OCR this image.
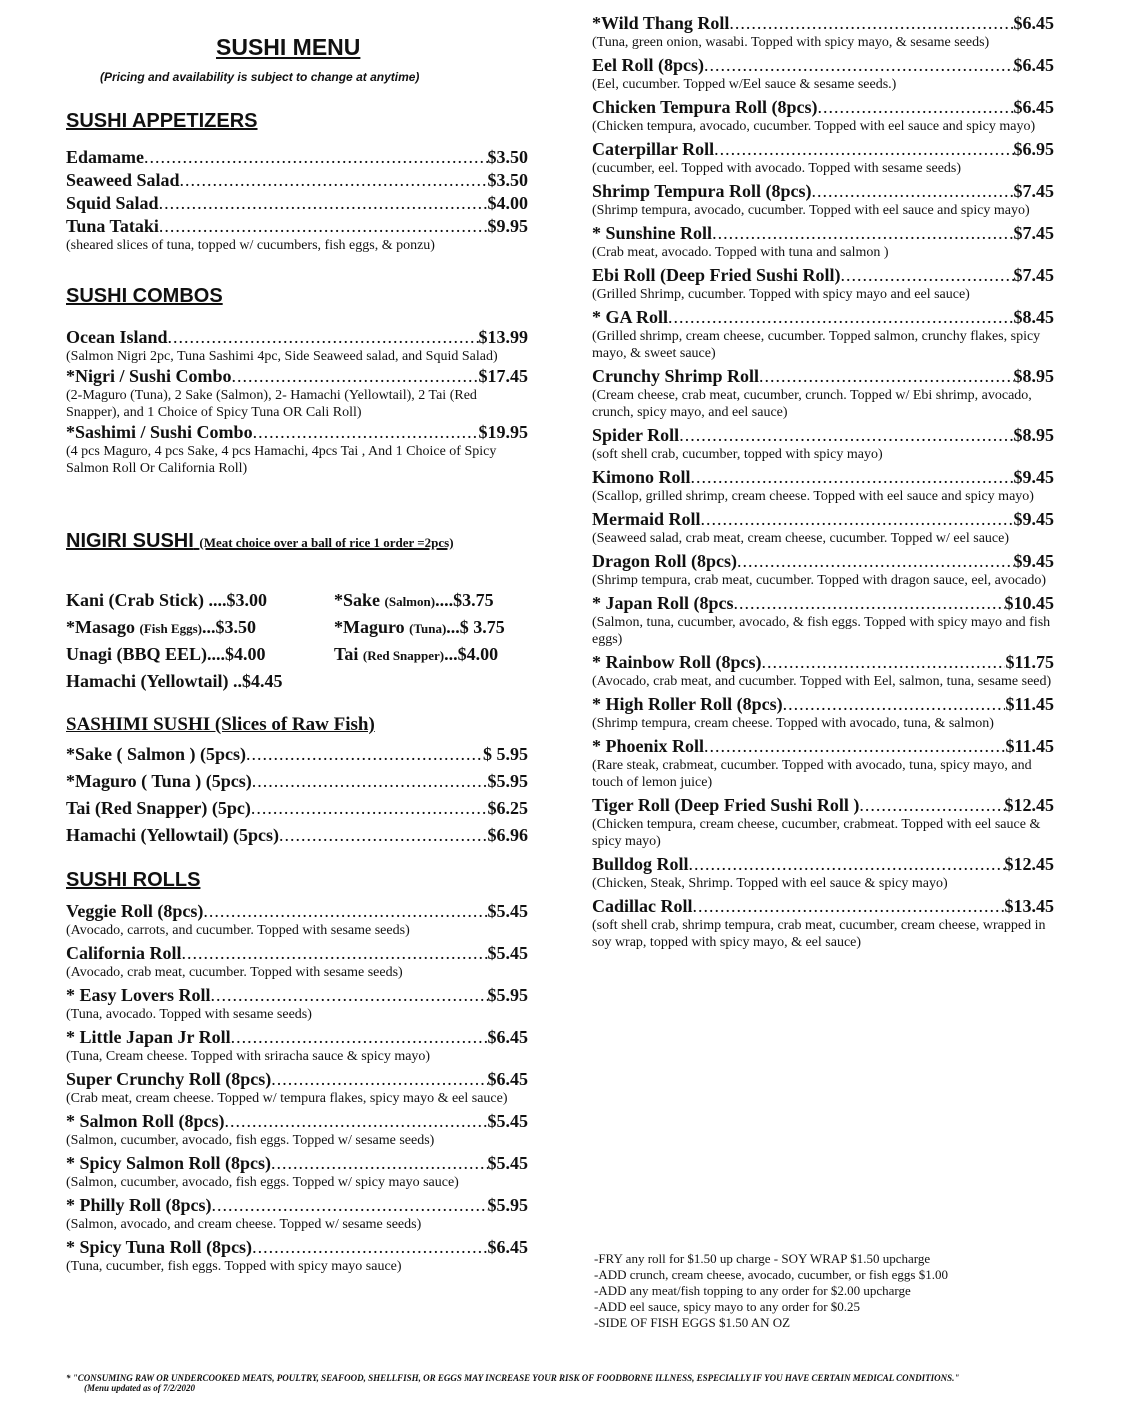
SUSHI MENU
(Pricing and availability is subject to change at anytime)
SUSHI APPETIZERS
Edamame .....	$3.50
Seaweed Salad .....	$3.50
Squid Salad .....	$4.00
Tuna Tataki .....	$9.95
(sheared slices of tuna, topped w/ cucumbers, fish eggs, & ponzu)
SUSHI COMBOS
Ocean Island .....	$13.99
(Salmon Nigri 2pc, Tuna Sashimi 4pc, Side Seaweed salad, and Squid Salad)
*Nigri / Sushi Combo .....	$17.45
(2-Maguro (Tuna), 2 Sake (Salmon), 2- Hamachi (Yellowtail), 2 Tai (Red Snapper), and 1 Choice of Spicy Tuna OR Cali Roll)
*Sashimi / Sushi Combo .....	$19.95
(4 pcs Maguro, 4 pcs Sake, 4 pcs Hamachi, 4pcs Tai , And 1 Choice of Spicy Salmon Roll Or California Roll)
NIGIRI SUSHI (Meat choice over a ball of rice 1 order =2pcs)
Kani (Crab Stick) ....$3.00	*Sake (Salmon)....$3.75
*Masago (Fish Eggs)...$3.50	*Maguro (Tuna)...$ 3.75
Unagi (BBQ EEL)....$4.00	Tai (Red Snapper)...$4.00
Hamachi (Yellowtail) ..$4.45
SASHIMI SUSHI (Slices of Raw Fish)
*Sake ( Salmon ) (5pcs) .....	$ 5.95
*Maguro ( Tuna ) (5pcs) .....	$5.95
Tai (Red Snapper) (5pc) .....	$6.25
Hamachi (Yellowtail) (5pcs) .....	$6.96
SUSHI ROLLS
Veggie Roll (8pcs) .....	$5.45
(Avocado, carrots, and cucumber. Topped with sesame seeds)
California Roll .....	$5.45
(Avocado, crab meat, cucumber. Topped with sesame seeds)
* Easy Lovers Roll .....	$5.95
(Tuna, avocado. Topped with sesame seeds)
* Little Japan Jr Roll .....	$6.45
(Tuna, Cream cheese. Topped with sriracha sauce & spicy mayo)
Super Crunchy Roll (8pcs) .....	$6.45
(Crab meat, cream cheese. Topped w/ tempura flakes, spicy mayo & eel sauce)
* Salmon Roll (8pcs) .....	$5.45
(Salmon, cucumber, avocado, fish eggs. Topped w/ sesame seeds)
* Spicy Salmon Roll (8pcs) .....	$5.45
(Salmon, cucumber, avocado, fish eggs. Topped w/ spicy mayo sauce)
* Philly Roll (8pcs) .....	$5.95
(Salmon, avocado, and cream cheese. Topped w/ sesame seeds)
* Spicy Tuna Roll (8pcs) .....	$6.45
(Tuna, cucumber, fish eggs. Topped with spicy mayo sauce)
*Wild Thang Roll .....	$6.45
(Tuna, green onion, wasabi. Topped with spicy mayo, & sesame seeds)
Eel Roll (8pcs) .....	$6.45
(Eel, cucumber. Topped w/Eel sauce & sesame seeds.)
Chicken Tempura Roll (8pcs) .....	$6.45
(Chicken tempura, avocado, cucumber. Topped with eel sauce and spicy mayo)
Caterpillar Roll .....	$6.95
(cucumber, eel. Topped with avocado. Topped with sesame seeds)
Shrimp Tempura Roll (8pcs) .....	$7.45
(Shrimp tempura, avocado, cucumber. Topped with eel sauce and spicy mayo)
* Sunshine Roll .....	$7.45
(Crab meat, avocado. Topped with tuna and salmon )
Ebi Roll (Deep Fried Sushi Roll) .....	$7.45
(Grilled Shrimp, cucumber. Topped with spicy mayo and eel sauce)
* GA Roll .....	$8.45
(Grilled shrimp, cream cheese, cucumber. Topped salmon, crunchy flakes, spicy mayo, & sweet sauce)
Crunchy Shrimp Roll .....	$8.95
(Cream cheese, crab meat, cucumber, crunch. Topped w/ Ebi shrimp, avocado, crunch, spicy mayo, and eel sauce)
Spider Roll .....	$8.95
(soft shell crab, cucumber, topped with spicy mayo)
Kimono Roll .....	$9.45
(Scallop, grilled shrimp, cream cheese. Topped with eel sauce and spicy mayo)
Mermaid Roll .....	$9.45
(Seaweed salad, crab meat, cream cheese, cucumber. Topped w/ eel sauce)
Dragon Roll (8pcs) .....	$9.45
(Shrimp tempura, crab meat, cucumber. Topped with dragon sauce, eel, avocado)
* Japan Roll (8pcs .....	$10.45
(Salmon, tuna, cucumber, avocado, & fish eggs. Topped with spicy mayo and fish eggs)
* Rainbow Roll (8pcs) .....	$11.75
(Avocado, crab meat, and cucumber. Topped with Eel, salmon, tuna, sesame seed)
* High Roller Roll (8pcs) .....	$11.45
(Shrimp tempura, cream cheese. Topped with avocado, tuna, & salmon)
* Phoenix Roll .....	$11.45
(Rare steak, crabmeat, cucumber. Topped with avocado, tuna, spicy mayo, and touch of lemon juice)
Tiger Roll (Deep Fried Sushi Roll ) .....	$12.45
(Chicken tempura, cream cheese, cucumber, crabmeat. Topped with eel sauce & spicy mayo)
Bulldog Roll .....	$12.45
(Chicken, Steak, Shrimp. Topped with eel sauce & spicy mayo)
Cadillac Roll .....	$13.45
(soft shell crab, shrimp tempura, crab meat, cucumber, cream cheese, wrapped in soy wrap, topped with spicy mayo, & eel sauce)
-FRY any roll for $1.50 up charge - SOY WRAP $1.50 upcharge
-ADD crunch, cream cheese, avocado, cucumber, or fish eggs $1.00
-ADD any meat/fish topping to any order for $2.00 upcharge
-ADD eel sauce, spicy mayo to any order for $0.25
-SIDE OF FISH EGGS $1.50 AN OZ
* "CONSUMING RAW OR UNDERCOOKED MEATS, POULTRY, SEAFOOD, SHELLFISH, OR EGGS MAY INCREASE YOUR RISK OF FOODBORNE ILLNESS, ESPECIALLY IF YOU HAVE CERTAIN MEDICAL CONDITIONS."
(Menu updated as of 7/2/2020
